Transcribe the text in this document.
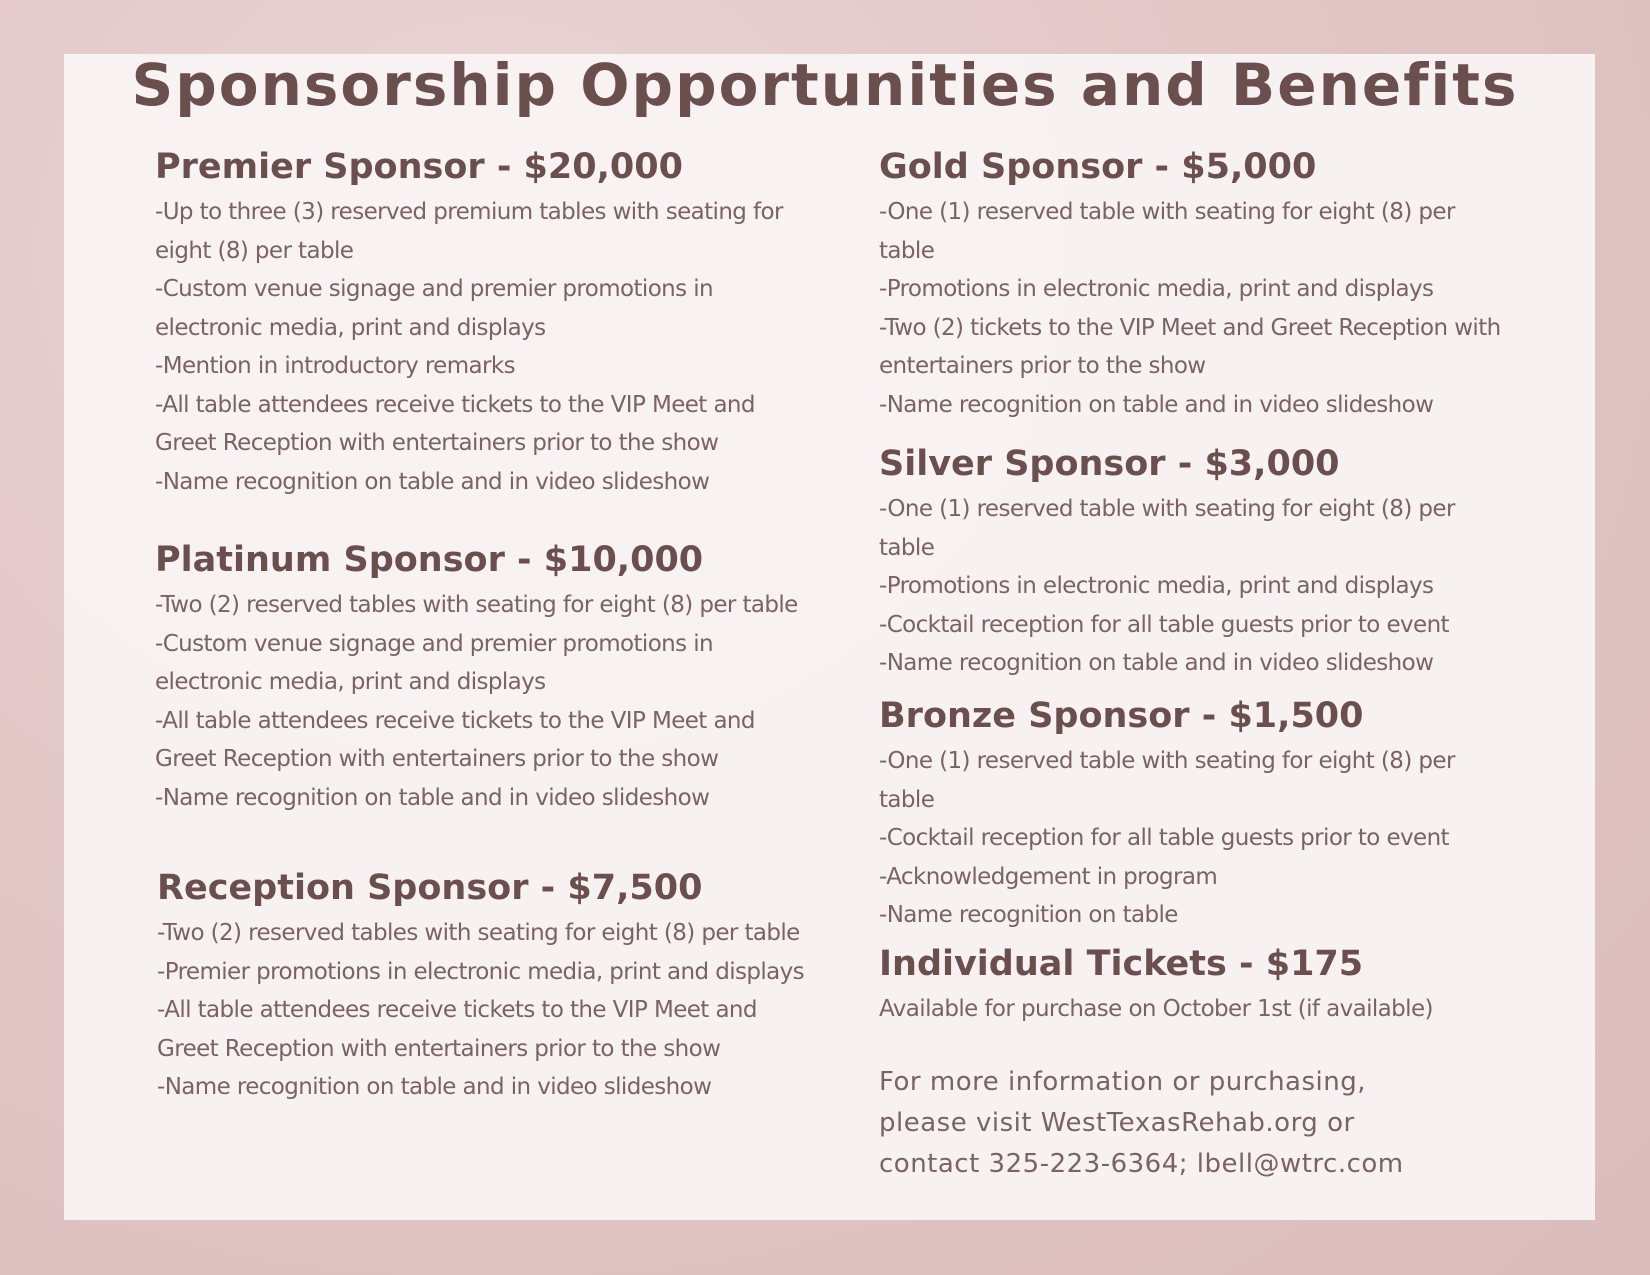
Sponsorship Opportunities and Benefits
Premier Sponsor - $20,000

-Up to three (3) reserved premium tables with seating for

eight (8) per table

-Custom venue signage and premier promotions in

electronic media, print and displays

-Mention in introductory remarks

-All table attendees receive tickets to the VIP Meet and

Greet Reception with entertainers prior to the show

-Name recognition on table and in video slideshow

Platinum Sponsor - $10,000

-Two (2) reserved tables with seating for eight (8) per table

-Custom venue signage and premier promotions in

electronic media, print and displays

-All table attendees receive tickets to the VIP Meet and

Greet Reception with entertainers prior to the show

-Name recognition on table and in video slideshow

Reception Sponsor - $7,500

-Two (2) reserved tables with seating for eight (8) per table

-Premier promotions in electronic media, print and displays

-All table attendees receive tickets to the VIP Meet and

Greet Reception with entertainers prior to the show

-Name recognition on table and in video slideshow

Gold Sponsor - $5,000

-One (1) reserved table with seating for eight (8) per

table

-Promotions in electronic media, print and displays

-Two (2) tickets to the VIP Meet and Greet Reception with

entertainers prior to the show

-Name recognition on table and in video slideshow

Silver Sponsor - $3,000

-One (1) reserved table with seating for eight (8) per

table

-Promotions in electronic media, print and displays

-Cocktail reception for all table guests prior to event

-Name recognition on table and in video slideshow

Bronze Sponsor - $1,500

-One (1) reserved table with seating for eight (8) per

table

-Cocktail reception for all table guests prior to event

-Acknowledgement in program

-Name recognition on table

Individual Tickets - $175

Available for purchase on October 1st (if available)

For more information or purchasing,

please visit WestTexasRehab.org or

contact 325-223-6364; lbell@wtrc.com
